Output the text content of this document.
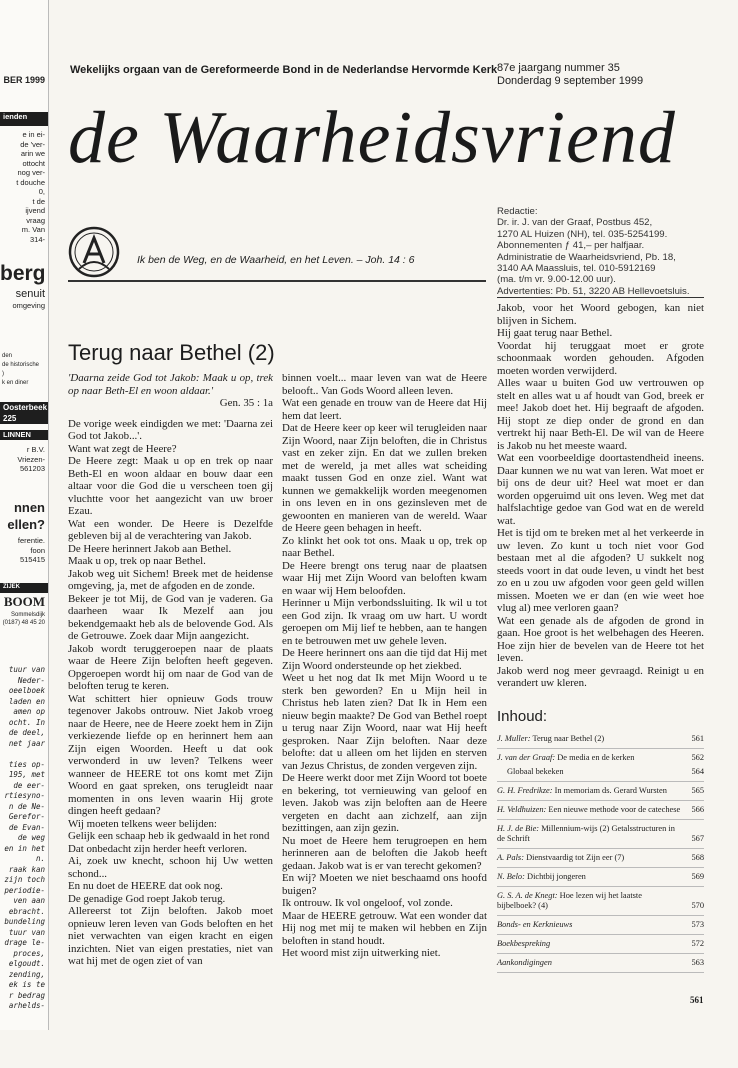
BER 1999
ienden
e in ei-
de 'ver-
arin we
ottocht
nog ver-
t douche
0,
t de
ijvend
vraag
m. Van
314-
berg
senuit
omgeving
den
de historische
)
k en diner
Oosterbeek
225
LINNEN
r B.V.
Vriezen-
561203
nnen
ellen?
ferentie.
foon
515415
ZIJEK
BOOM
Sommelsdijk
(0187) 48 45 20
tuur van
Neder-
oeelboek
laden en
amen op
ocht. In
de deel,
net jaar

ties op-
195, met
de eer-
rtiesyno-
n de Ne-
Gerefor-
de Evan-
de weg
en in het
n.
raak kan
zijn toch
periodie-
ven aan
ebracht.
bundeling
tuur van
drage le-
proces,
elgoudt.
zending,
ek is te
r bedrag
arhelds-
Wekelijks orgaan van de Gereformeerde Bond in de Nederlandse Hervormde Kerk 87e jaargang nummer 35
Donderdag 9 september 1999
de Waarheidsvriend
Ik ben de Weg, en de Waarheid, en het Leven. – Joh. 14 : 6
Redactie:
Dr. ir. J. van der Graaf, Postbus 452,
1270 AL Huizen (NH), tel. 035-5254199.
Abonnementen ƒ 41,– per halfjaar.
Administratie de Waarheidsvriend, Pb. 18,
3140 AA Maassluis, tel. 010-5912169
(ma. t/m vr. 9.00-12.00 uur).
Advertenties: Pb. 51, 3220 AB Hellevoetsluis.
Terug naar Bethel (2)

'Daarna zeide God tot Jakob: Maak u op, trek op naar Beth-El en woon aldaar.'

Gen. 35 : 1a

De vorige week eindigden we met: 'Daarna zei God tot Jakob...'.

Want wat zegt de Heere?

De Heere zegt: Maak u op en trek op naar Beth-El en woon aldaar en bouw daar een altaar voor die God die u verscheen toen gij vluchtte voor het aangezicht van uw broer Ezau.

Wat een wonder. De Heere is Dezelfde gebleven bij al de verachtering van Jakob.

De Heere herinnert Jakob aan Bethel.

Maak u op, trek op naar Bethel.

Jakob weg uit Sichem! Breek met de heidense omgeving, ja, met de afgoden en de zonde.

Bekeer je tot Mij, de God van je vaderen. Ga daarheen waar Ik Mezelf aan jou bekendgemaakt heb als de belovende God. Als de Getrouwe. Zoek daar Mijn aangezicht.

Jakob wordt teruggeroepen naar de plaats waar de Heere Zijn beloften heeft gegeven. Opgeroepen wordt hij om naar de God van de beloften terug te keren.

Wat schittert hier opnieuw Gods trouw tegenover Jakobs ontrouw. Niet Jakob vroeg naar de Heere, nee de Heere zoekt hem in Zijn verkiezende liefde op en herinnert hem aan Zijn eigen Woorden. Heeft u dat ook verwonderd in uw leven? Telkens weer wanneer de HEERE tot ons komt met Zijn Woord en gaat spreken, ons terugleidt naar momenten in ons leven waarin Hij grote dingen heeft gedaan?

Wij moeten telkens weer belijden:

Gelijk een schaap heb ik gedwaald in het rond

Dat onbedacht zijn herder heeft verloren.

Ai, zoek uw knecht, schoon hij Uw wetten schond...

En nu doet de HEERE dat ook nog.

De genadige God roept Jakob terug.

Allereerst tot Zijn beloften. Jakob moet opnieuw leren leven van Gods beloften en het niet verwachten van eigen kracht en eigen inzichten. Niet van eigen prestaties, niet van wat hij met de ogen ziet of van

binnen voelt... maar leven van wat de Heere belooft.. Van Gods Woord alleen leven.

Wat een genade en trouw van de Heere dat Hij hem dat leert.

Dat de Heere keer op keer wil terugleiden naar Zijn Woord, naar Zijn beloften, die in Christus vast en zeker zijn. En dat we zullen breken met de wereld, ja met alles wat scheiding maakt tussen God en onze ziel. Want wat kunnen we gemakkelijk worden meegenomen in ons leven en in ons gezinsleven met de gewoonten en manieren van de wereld. Waar de Heere geen behagen in heeft.

Zo klinkt het ook tot ons. Maak u op, trek op naar Bethel.

De Heere brengt ons terug naar de plaatsen waar Hij met Zijn Woord van beloften kwam en waar wij Hem beloofden.

Herinner u Mijn verbondssluiting. Ik wil u tot een God zijn. Ik vraag om uw hart. U wordt geroepen om Mij lief te hebben, aan te hangen en te betrouwen met uw gehele leven.

De Heere herinnert ons aan die tijd dat Hij met Zijn Woord ondersteunde op het ziekbed.

Weet u het nog dat Ik met Mijn Woord u te sterk ben geworden? En u Mijn heil in Christus heb laten zien? Dat Ik in Hem een nieuw begin maakte? De God van Bethel roept u terug naar Zijn Woord, naar wat Hij heeft gesproken. Naar Zijn beloften. Naar deze belofte: dat u alleen om het lijden en sterven van Jezus Christus, de zonden vergeven zijn.

De Heere werkt door met Zijn Woord tot boete en bekering, tot vernieuwing van geloof en leven. Jakob was zijn beloften aan de Heere vergeten en dacht aan zichzelf, aan zijn bezittingen, aan zijn gezin.

Nu moet de Heere hem terugroepen en hem herinneren aan de beloften die Jakob heeft gedaan. Jakob wat is er van terecht gekomen?

En wij? Moeten we niet beschaamd ons hoofd buigen?

Ik ontrouw. Ik vol ongeloof, vol zonde.

Maar de HEERE getrouw. Wat een wonder dat Hij nog met mij te maken wil hebben en Zijn beloften in stand houdt.

Het woord mist zijn uitwerking niet.

Jakob, voor het Woord gebogen, kan niet blijven in Sichem.

Hij gaat terug naar Bethel.

Voordat hij teruggaat moet er grote schoonmaak worden gehouden. Afgoden moeten worden verwijderd.

Alles waar u buiten God uw vertrouwen op stelt en alles wat u af houdt van God, breek er mee! Jakob doet het. Hij begraaft de afgoden. Hij stopt ze diep onder de grond en dan vertrekt hij naar Beth-El. De wil van de Heere is Jakob nu het meeste waard.

Wat een voorbeeldige doortastendheid ineens. Daar kunnen we nu wat van leren. Wat moet er bij ons de deur uit? Heel wat moet er dan worden opgeruimd uit ons leven. Weg met dat halfslachtige gedoe van God wat en de wereld wat.

Het is tijd om te breken met al het verkeerde in uw leven. Zo kunt u toch niet voor God bestaan met al die afgoden? U sukkelt nog steeds voort in dat oude leven, u vindt het best zo en u zou uw afgoden voor geen geld willen missen. Moeten we er dan (en wie weet hoe vlug al) mee verloren gaan?

Wat een genade als de afgoden de grond in gaan. Hoe groot is het welbehagen des Heeren. Hoe zijn hier de bevelen van de Heere tot het leven.

Jakob werd nog meer gevraagd. Reinigt u en verandert uw kleren.

Inhoud:
J. Muller: Terug naar Bethel (2)	561
J. van der Graaf: De media en de kerken	562
Globaal bekeken	564
G. H. Fredrikze: In memoriam ds. Gerard Wursten	565
H. Veldhuizen: Een nieuwe methode voor de catechese	566
H. J. de Bie: Millennium-wijs (2) Getalsstructuren in de Schrift	567
A. Pals: Dienstvaardig tot Zijn eer (7)	568
N. Belo: Dichtbij jongeren	569
G. S. A. de Knegt: Hoe lezen wij het laatste bijbelboek? (4)	570
Bonds- en Kerknieuws	573
Boekbespreking	572
Aankondigingen	563
561
